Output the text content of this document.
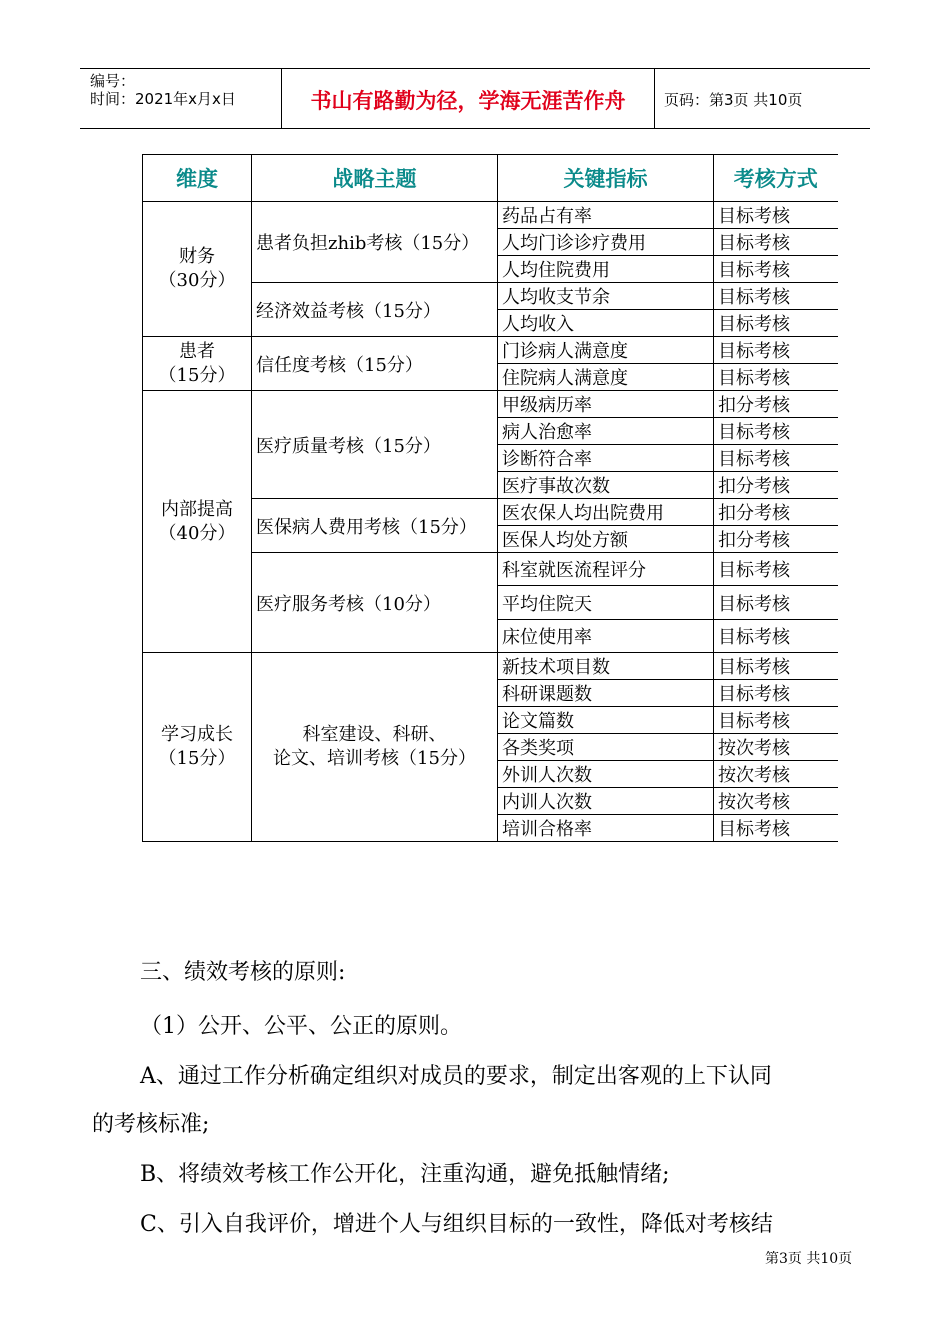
编号：
时间：2021年x月x日	书山有路勤为径，学海无涯苦作舟	页码：第3页 共10页
维度	战略主题	关键指标	考核方式
财务
（30分）	患者负担zhib考核（15分）	药品占有率	目标考核
		人均门诊诊疗费用	目标考核
		人均住院费用	目标考核
	经济效益考核（15分）	人均收支节余	目标考核
		人均收入	目标考核
患者
（15分）	信任度考核（15分）	门诊病人满意度	目标考核
		住院病人满意度	目标考核
内部提高
（40分）	医疗质量考核（15分）	甲级病历率	扣分考核
		病人治愈率	目标考核
		诊断符合率	目标考核
		医疗事故次数	扣分考核
	医保病人费用考核（15分）	医农保人均出院费用	扣分考核
		医保人均处方额	扣分考核
	医疗服务考核（10分）	科室就医流程评分	目标考核
		平均住院天	目标考核
		床位使用率	目标考核
学习成长
（15分）	科室建设、科研、
论文、培训考核（15分）	新技术项目数	目标考核
		科研课题数	目标考核
		论文篇数	目标考核
		各类奖项	按次考核
		外训人次数	按次考核
		内训人次数	按次考核
		培训合格率	目标考核
三、绩效考核的原则:
（1）公开、公平、公正的原则。
A、通过工作分析确定组织对成员的要求，制定出客观的上下认同
的考核标准;
B、将绩效考核工作公开化，注重沟通，避免抵触情绪;
C、引入自我评价，增进个人与组织目标的一致性，降低对考核结
第3页 共10页
